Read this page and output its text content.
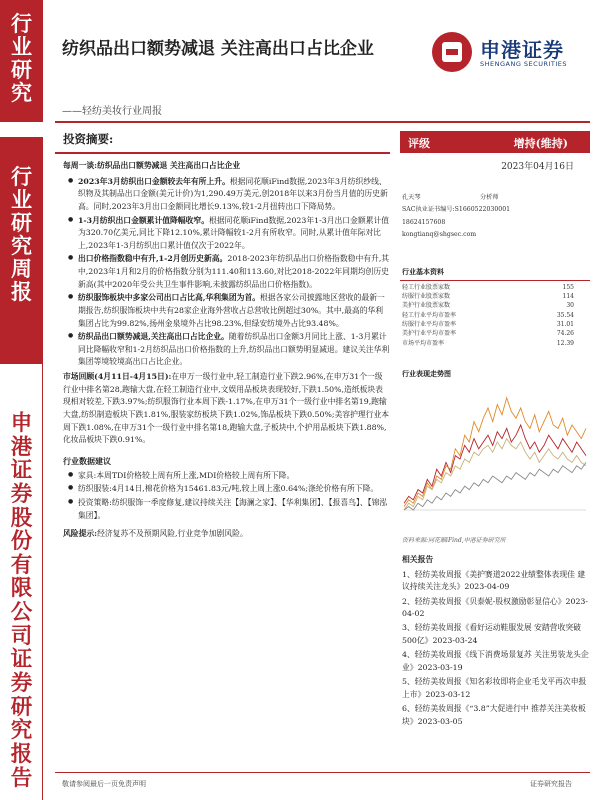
行
业
研
究
行
业
研
究
周
报
申
港
证
券
股
份
有
限
公
司
证
券
研
究
报
告
纺织品出口额势减退 关注高出口占比企业
——轻纺美妆行业周报
申港证券
SHENGANG SECURITIES
投资摘要:
每周一谈:纺织品出口额势减退 关注高出口占比企业
● 2023年3月纺织出口金额较去年有所上升。根据同花顺iFind数据,2023年3月纺织纱线、织物及其制品出口金额(美元计价)为1,290.49万美元,创2018年以来3月份当月值的历史新高。同时,2023年3月出口金额同比增长9.13%,较1-2月扭转出口下降局势。
● 1-3月纺织出口金额累计值降幅收窄。根据同花顺iFind数据,2023年1-3月出口金额累计值为320.70亿美元,同比下降12.10%,累计降幅较1-2月有所收窄。同时,从累计值年际对比上,2023年1-3月纺织出口累计值仅次于2022年。
● 出口价格指数稳中有升,1-2月创历史新高。2018-2023年纺织品出口价格指数稳中有升,其中,2023年1月和2月的价格指数分别为111.40和113.60,对比2018-2022年同期均创历史新高(其中2020年受公共卫生事件影响,未披露纺织品出口价格指数)。
● 纺织服饰板块中多家公司出口占比高,华利集团为首。根据各家公司披露地区营收的最新一期报告,纺织服饰板块中共有28家企业海外营收占总营收比例超过30%。其中,最高的华利集团占比为99.82%,扬州金泉境外占比98.23%,但绿安纺境外占比93.48%。
● 纺织品出口额势减退,关注高出口占比企业。随着纺织品出口金额3月同比上涨、1-3月累计同比降幅收窄和1-2月纺织品出口价格指数的上升,纺织品出口额势明显减退。建议关注华利集团等境较境高出口占比企业。
市场回顾(4月11日-4月15日):在申万一级行业中,轻工制造行业下跌2.96%,在申万31个一级行业中排名第28,跑输大盘,在轻工制造行业中,文娱用品板块表现较好,下跌1.50%,造纸板块表现相对较差,下跌3.97%;纺织服饰行业本周下跌-1.17%,在申万31个一级行业中排名第19,跑输大盘,纺织制造板块下跌1.81%,服装家纺板块下跌1.02%,饰品板块下跌0.50%;美容护理行业本周下跌1.08%,在申万31个一级行业中排名第18,跑输大盘,子板块中,个护用品板块下跌1.88%,化妆品板块下跌0.91%。
行业数据建议
● 家具:本周TDI价格较上周有所上涨,MDI价格较上周有所下降。
● 纺织服装:4月14日,棉花价格为15461.83元/吨,较上周上涨0.64%;涤纶价格有所下降。
● 投资策略:纺织服饰一季度修复,建议持续关注【海澜之家】、【华利集团】、【报喜鸟】、【锦泓集团】。
风险提示:经济复苏不及预期风险,行业竞争加剧风险。
评级	增持(维持)
2023年04月16日
孔天琴	分析师
SAC执业证书编号:S1660522030001
18624157608
kongtianq@shgsec.com
行业基本资料
轻工行业股票家数	155
纺服行业股票家数	114
美护行业股票家数	30
轻工行业平均市盈率	35.54
纺服行业平均市盈率	31.01
美护行业平均市盈率	74.26
市场平均市盈率	12.39
行业表现走势图
资料来源:同花顺iFind,申港证券研究所
相关报告
1、轻纺美妆周报《美护赛道2022业绩整体表现佳 建议持续关注龙头》2023-04-09
2、轻纺美妆周报《贝泰妮-股权激励彰显信心》2023-04-02
3、轻纺美妆周报《看好运动鞋服发展 安踏营收突破500亿》2023-03-24
4、轻纺美妆周报《线下消费场景复苏 关注男装龙头企业》2023-03-19
5、轻纺美妆周报《知名彩妆即将企业毛戈平再次申报上市》2023-03-12
6、轻纺美妆周报《“3.8”大促进行中 推荐关注美妆板块》2023-03-05
敬请参阅最后一页免责声明	证券研究报告
